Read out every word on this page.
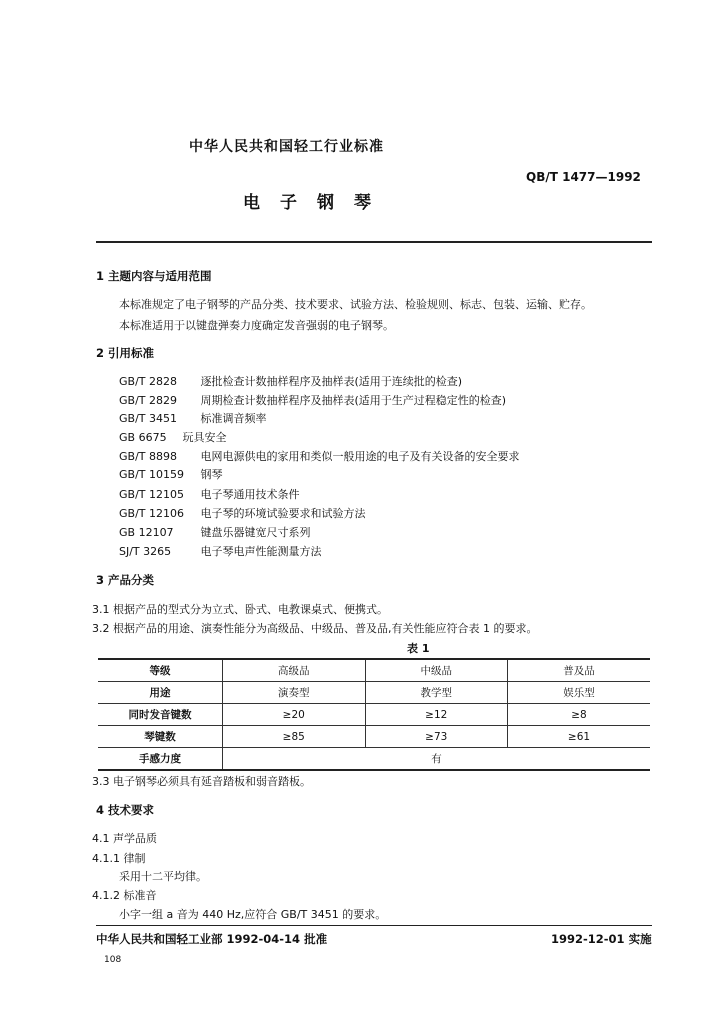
中华人民共和国轻工行业标准
QB/T 1477—1992
电子钢琴
1 主题内容与适用范围
本标准规定了电子钢琴的产品分类、技术要求、试验方法、检验规则、标志、包装、运输、贮存。
本标准适用于以键盘弹奏力度确定发音强弱的电子钢琴。
2 引用标准
GB/T 2828 逐批检查计数抽样程序及抽样表(适用于连续批的检查)
GB/T 2829 周期检查计数抽样程序及抽样表(适用于生产过程稳定性的检查)
GB/T 3451 标准调音频率
GB 6675 玩具安全
GB/T 8898 电网电源供电的家用和类似一般用途的电子及有关设备的安全要求
GB/T 10159 钢琴
GB/T 12105 电子琴通用技术条件
GB/T 12106 电子琴的环境试验要求和试验方法
GB 12107 键盘乐器键宽尺寸系列
SJ/T 3265	电子琴电声性能测量方法
3 产品分类
3.1 根据产品的型式分为立式、卧式、电教课桌式、便携式。
3.2 根据产品的用途、演奏性能分为高级品、中级品、普及品,有关性能应符合表 1 的要求。
表 1
等级	高级品	中级品	普及品
用途	演奏型	教学型	娱乐型
同时发音键数	≥20	≥12	≥8
琴键数	≥85	≥73	≥61
手感力度	有		
3.3 电子钢琴必须具有延音踏板和弱音踏板。
4 技术要求
4.1 声学品质
4.1.1 律制
采用十二平均律。
4.1.2 标准音
小字一组 a 音为 440 Hz,应符合 GB/T 3451 的要求。
中华人民共和国轻工业部 1992-04-14 批准	1992-12-01 实施
108
